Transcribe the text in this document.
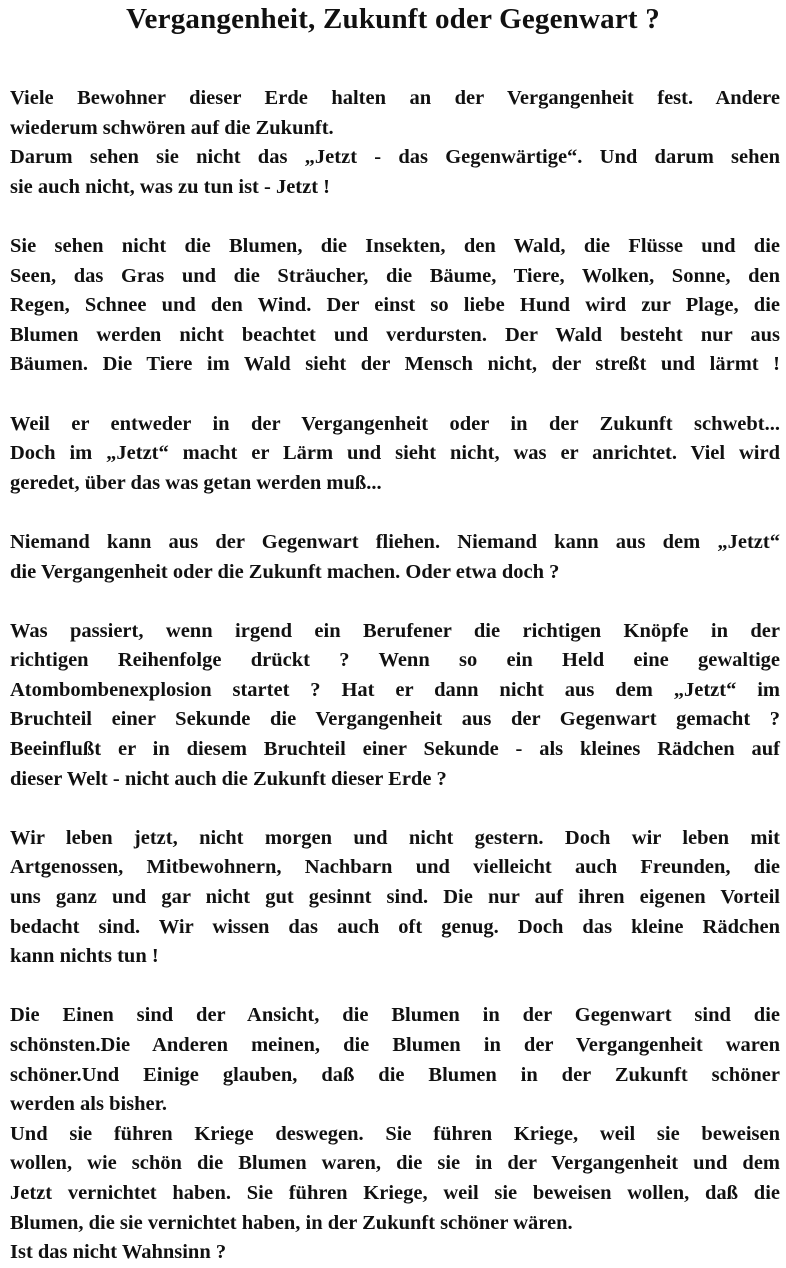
Vergangenheit, Zukunft oder Gegenwart ?

Viele Bewohner dieser Erde halten an der Vergangenheit fest. Andere
wiederum schwören auf die Zukunft.
Darum sehen sie nicht das „Jetzt - das Gegenwärtige“. Und darum sehen
sie auch nicht, was zu tun ist - Jetzt !

Sie sehen nicht die Blumen, die Insekten, den Wald, die Flüsse und die
Seen, das Gras und die Sträucher, die Bäume, Tiere, Wolken, Sonne, den
Regen, Schnee und den Wind. Der einst so liebe Hund wird zur Plage, die
Blumen werden nicht beachtet und verdursten. Der Wald besteht nur aus
Bäumen. Die Tiere im Wald sieht der Mensch nicht, der streßt und lärmt !

Weil er entweder in der Vergangenheit oder in der Zukunft schwebt...
Doch im „Jetzt“ macht er Lärm und sieht nicht, was er anrichtet. Viel wird
geredet, über das was getan werden muß...

Niemand kann aus der Gegenwart fliehen. Niemand kann aus dem „Jetzt“
die Vergangenheit oder die Zukunft machen. Oder etwa doch ?

Was passiert, wenn irgend ein Berufener die richtigen Knöpfe in der
richtigen Reihenfolge drückt ? Wenn so ein Held eine gewaltige
Atombombenexplosion startet ? Hat er dann nicht aus dem „Jetzt“ im
Bruchteil einer Sekunde die Vergangenheit aus der Gegenwart gemacht ?
Beeinflußt er in diesem Bruchteil einer Sekunde - als kleines Rädchen auf
dieser Welt - nicht auch die Zukunft dieser Erde ?

Wir leben jetzt, nicht morgen und nicht gestern. Doch wir leben mit
Artgenossen, Mitbewohnern, Nachbarn und vielleicht auch Freunden, die
uns ganz und gar nicht gut gesinnt sind. Die nur auf ihren eigenen Vorteil
bedacht sind. Wir wissen das auch oft genug. Doch das kleine Rädchen
kann nichts tun !

Die Einen sind der Ansicht, die Blumen in der Gegenwart sind die
schönsten.Die Anderen meinen, die Blumen in der Vergangenheit waren
schöner.Und Einige glauben, daß die Blumen in der Zukunft schöner
werden als bisher.
Und sie führen Kriege deswegen. Sie führen Kriege, weil sie beweisen
wollen, wie schön die Blumen waren, die sie in der Vergangenheit und dem
Jetzt vernichtet haben. Sie führen Kriege, weil sie beweisen wollen, daß die
Blumen, die sie vernichtet haben, in der Zukunft schöner wären.
Ist das nicht Wahnsinn ?
